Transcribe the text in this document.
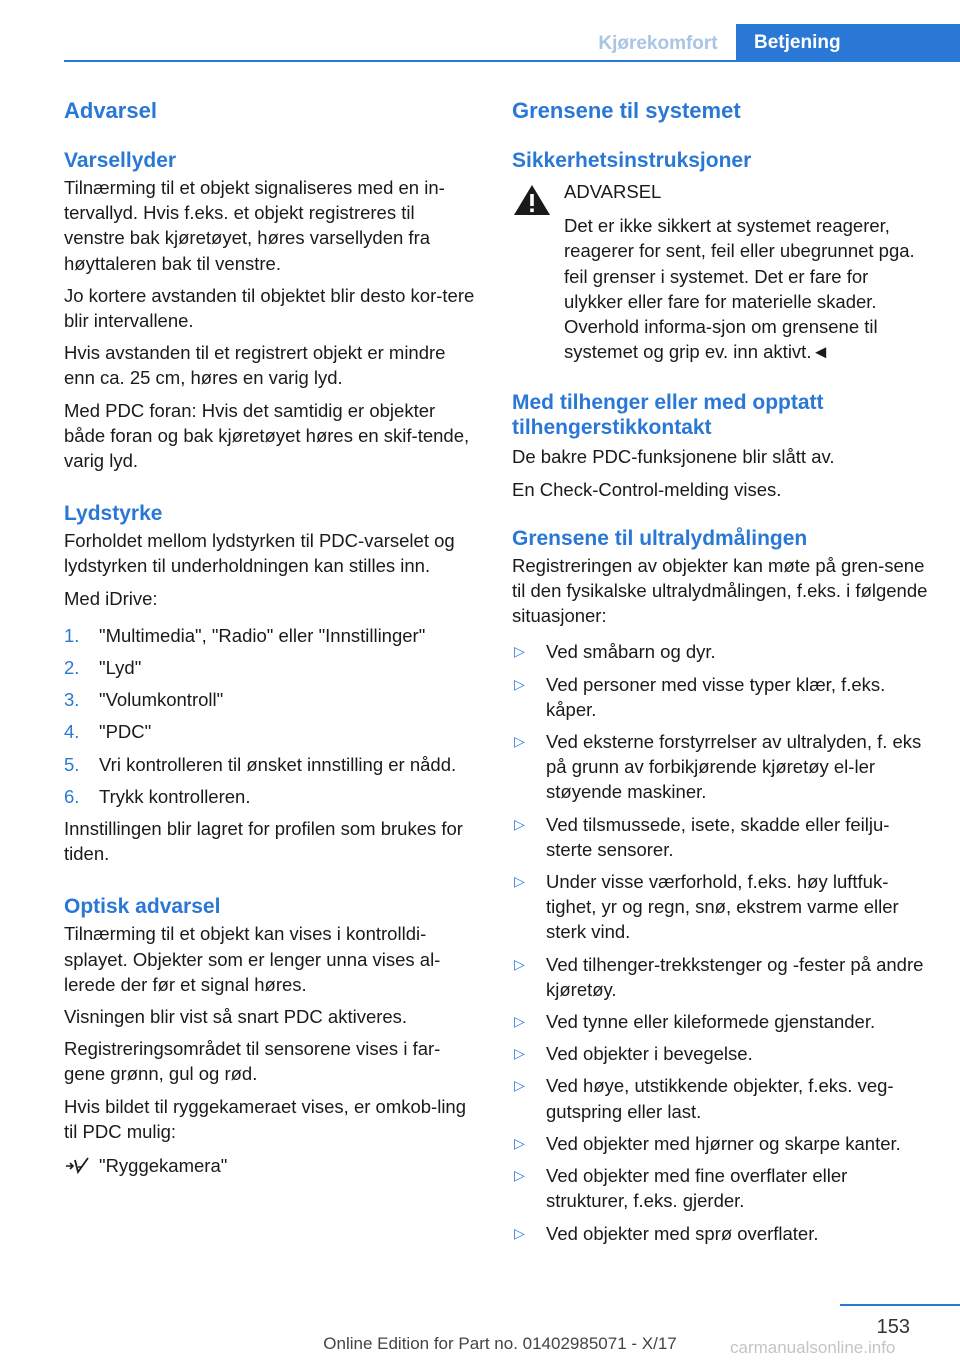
Kjørekomfort	Betjening
Advarsel
Varsellyder

Tilnærming til et objekt signaliseres med en in-tervallyd. Hvis f.eks. et objekt registreres til venstre bak kjøretøyet, høres varsellyden fra høyttaleren bak til venstre.

Jo kortere avstanden til objektet blir desto kor-tere blir intervallene.

Hvis avstanden til et registrert objekt er mindre enn ca. 25 cm, høres en varig lyd.

Med PDC foran: Hvis det samtidig er objekter både foran og bak kjøretøyet høres en skif-tende, varig lyd.

Lydstyrke

Forholdet mellom lydstyrken til PDC-varselet og lydstyrken til underholdningen kan stilles inn.

Med iDrive:

1. "Multimedia", "Radio" eller "Innstillinger"
2. "Lyd"
3. "Volumkontroll"
4. "PDC"
5. Vri kontrolleren til ønsket innstilling er nådd.
6. Trykk kontrolleren.

Innstillingen blir lagret for profilen som brukes for tiden.

Optisk advarsel

Tilnærming til et objekt kan vises i kontrolldi-splayet. Objekter som er lenger unna vises al-lerede der før et signal høres.

Visningen blir vist så snart PDC aktiveres.

Registreringsområdet til sensorene vises i far-gene grønn, gul og rød.

Hvis bildet til ryggekameraet vises, er omkob-ling til PDC mulig:

"Ryggekamera"
Grensene til systemet
Sikkerhetsinstruksjoner

ADVARSEL

Det er ikke sikkert at systemet reagerer, reagerer for sent, feil eller ubegrunnet pga. feil grenser i systemet. Det er fare for ulykker eller fare for materielle skader. Overhold informa-sjon om grensene til systemet og grip ev. inn aktivt.◄

Med tilhenger eller med opptatt tilhengerstikkontakt

De bakre PDC-funksjonene blir slått av.

En Check-Control-melding vises.

Grensene til ultralydmålingen

Registreringen av objekter kan møte på gren-sene til den fysikalske ultralydmålingen, f.eks. i følgende situasjoner:

▷ Ved småbarn og dyr.
▷ Ved personer med visse typer klær, f.eks. kåper.
▷ Ved eksterne forstyrrelser av ultralyden, f. eks på grunn av forbikjørende kjøretøy el-ler støyende maskiner.
▷ Ved tilsmussede, isete, skadde eller feilju-sterte sensorer.
▷ Under visse værforhold, f.eks. høy luftfuk-tighet, yr og regn, snø, ekstrem varme eller sterk vind.
▷ Ved tilhenger-trekkstenger og -fester på andre kjøretøy.
▷ Ved tynne eller kileformede gjenstander.
▷ Ved objekter i bevegelse.
▷ Ved høye, utstikkende objekter, f.eks. veg-gutspring eller last.
▷ Ved objekter med hjørner og skarpe kanter.
▷ Ved objekter med fine overflater eller strukturer, f.eks. gjerder.
▷ Ved objekter med sprø overflater.
153
Online Edition for Part no. 01402985071 - X/17	carmanualsonline.info
